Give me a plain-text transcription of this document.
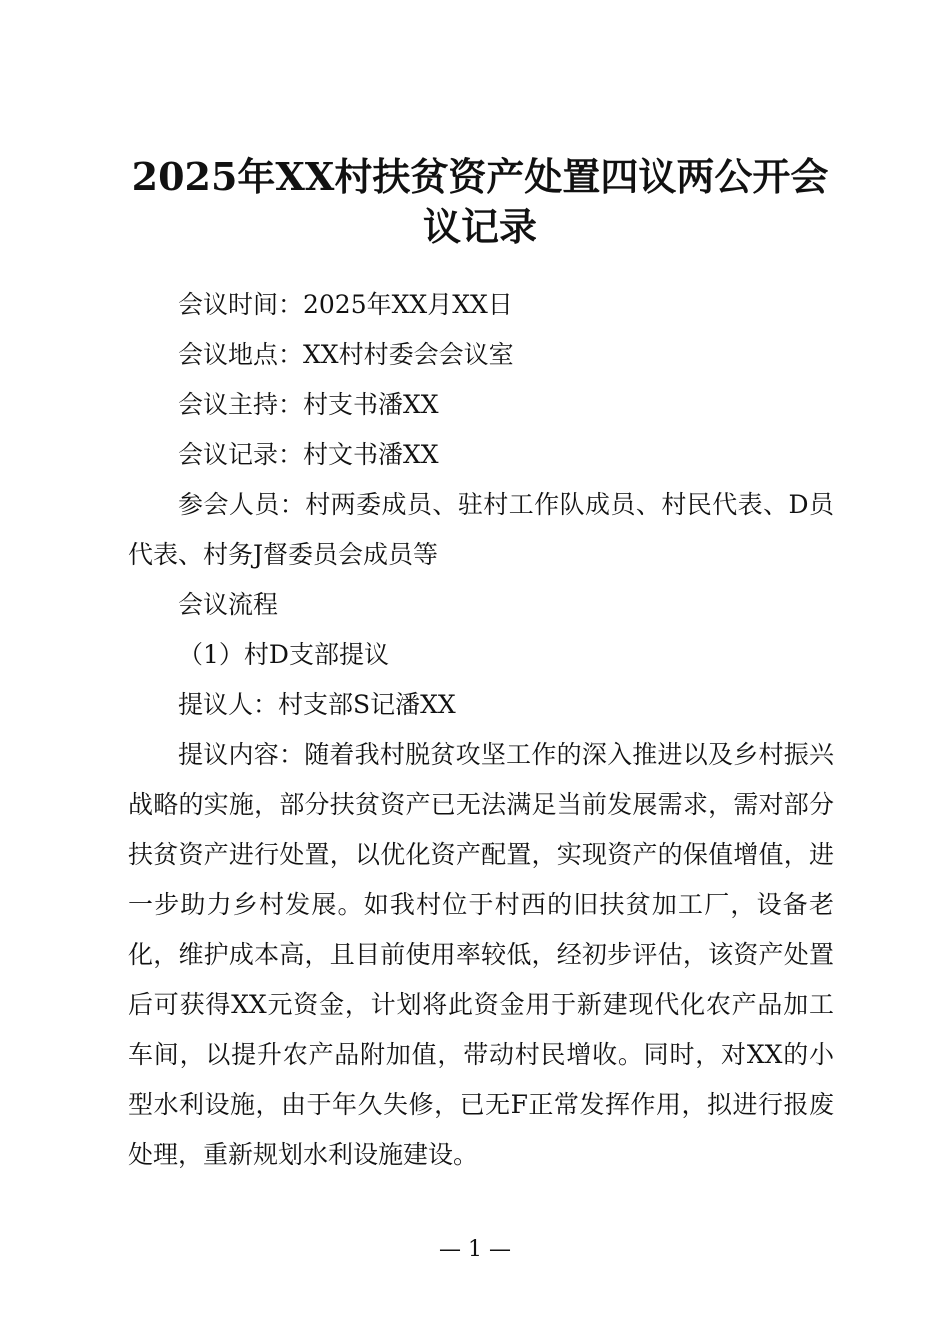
2025年XX村扶贫资产处置四议两公开会议记录

会议时间：2025年XX月XX日

会议地点：XX村村委会会议室

会议主持：村支书潘XX

会议记录：村文书潘XX

参会人员：村两委成员、驻村工作队成员、村民代表、D员代表、村务J督委员会成员等

会议流程

（1）村D支部提议

提议人：村支部S记潘XX

提议内容：随着我村脱贫攻坚工作的深入推进以及乡村振兴战略的实施，部分扶贫资产已无法满足当前发展需求，需对部分扶贫资产进行处置，以优化资产配置，实现资产的保值增值，进一步助力乡村发展。如我村位于村西的旧扶贫加工厂，设备老化，维护成本高，且目前使用率较低，经初步评估，该资产处置后可获得XX元资金，计划将此资金用于新建现代化农产品加工车间，以提升农产品附加值，带动村民增收。同时，对XX的小型水利设施，由于年久失修，已无F正常发挥作用，拟进行报废处理，重新规划水利设施建设。

— 1 —
